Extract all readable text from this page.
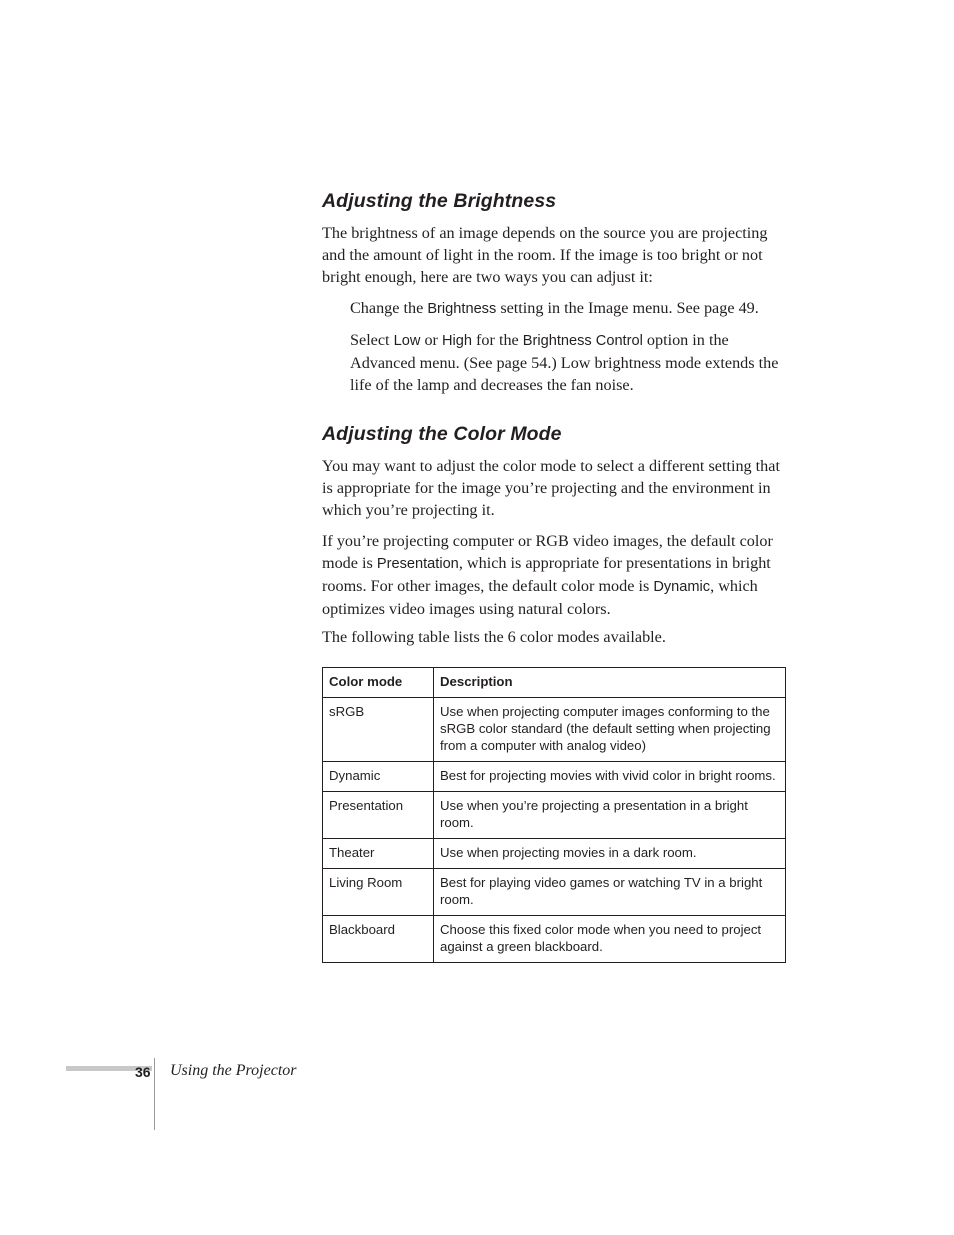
Adjusting the Brightness

The brightness of an image depends on the source you are projecting and the amount of light in the room. If the image is too bright or not bright enough, here are two ways you can adjust it:

Change the Brightness setting in the Image menu. See page 49.

Select Low or High for the Brightness Control option in the Advanced menu. (See page 54.) Low brightness mode extends the life of the lamp and decreases the fan noise.

Adjusting the Color Mode

You may want to adjust the color mode to select a different setting that is appropriate for the image you’re projecting and the environment in which you’re projecting it.

If you’re projecting computer or RGB video images, the default color mode is Presentation, which is appropriate for presentations in bright rooms. For other images, the default color mode is Dynamic, which optimizes video images using natural colors.

The following table lists the 6 color modes available.

Color mode	Description
sRGB	Use when projecting computer images conforming to the sRGB color standard (the default setting when projecting from a computer with analog video)
Dynamic	Best for projecting movies with vivid color in bright rooms.
Presentation	Use when you’re projecting a presentation in a bright room.
Theater	Use when projecting movies in a dark room.
Living Room	Best for playing video games or watching TV in a bright room.
Blackboard	Choose this fixed color mode when you need to project against a green blackboard.
36 Using the Projector
